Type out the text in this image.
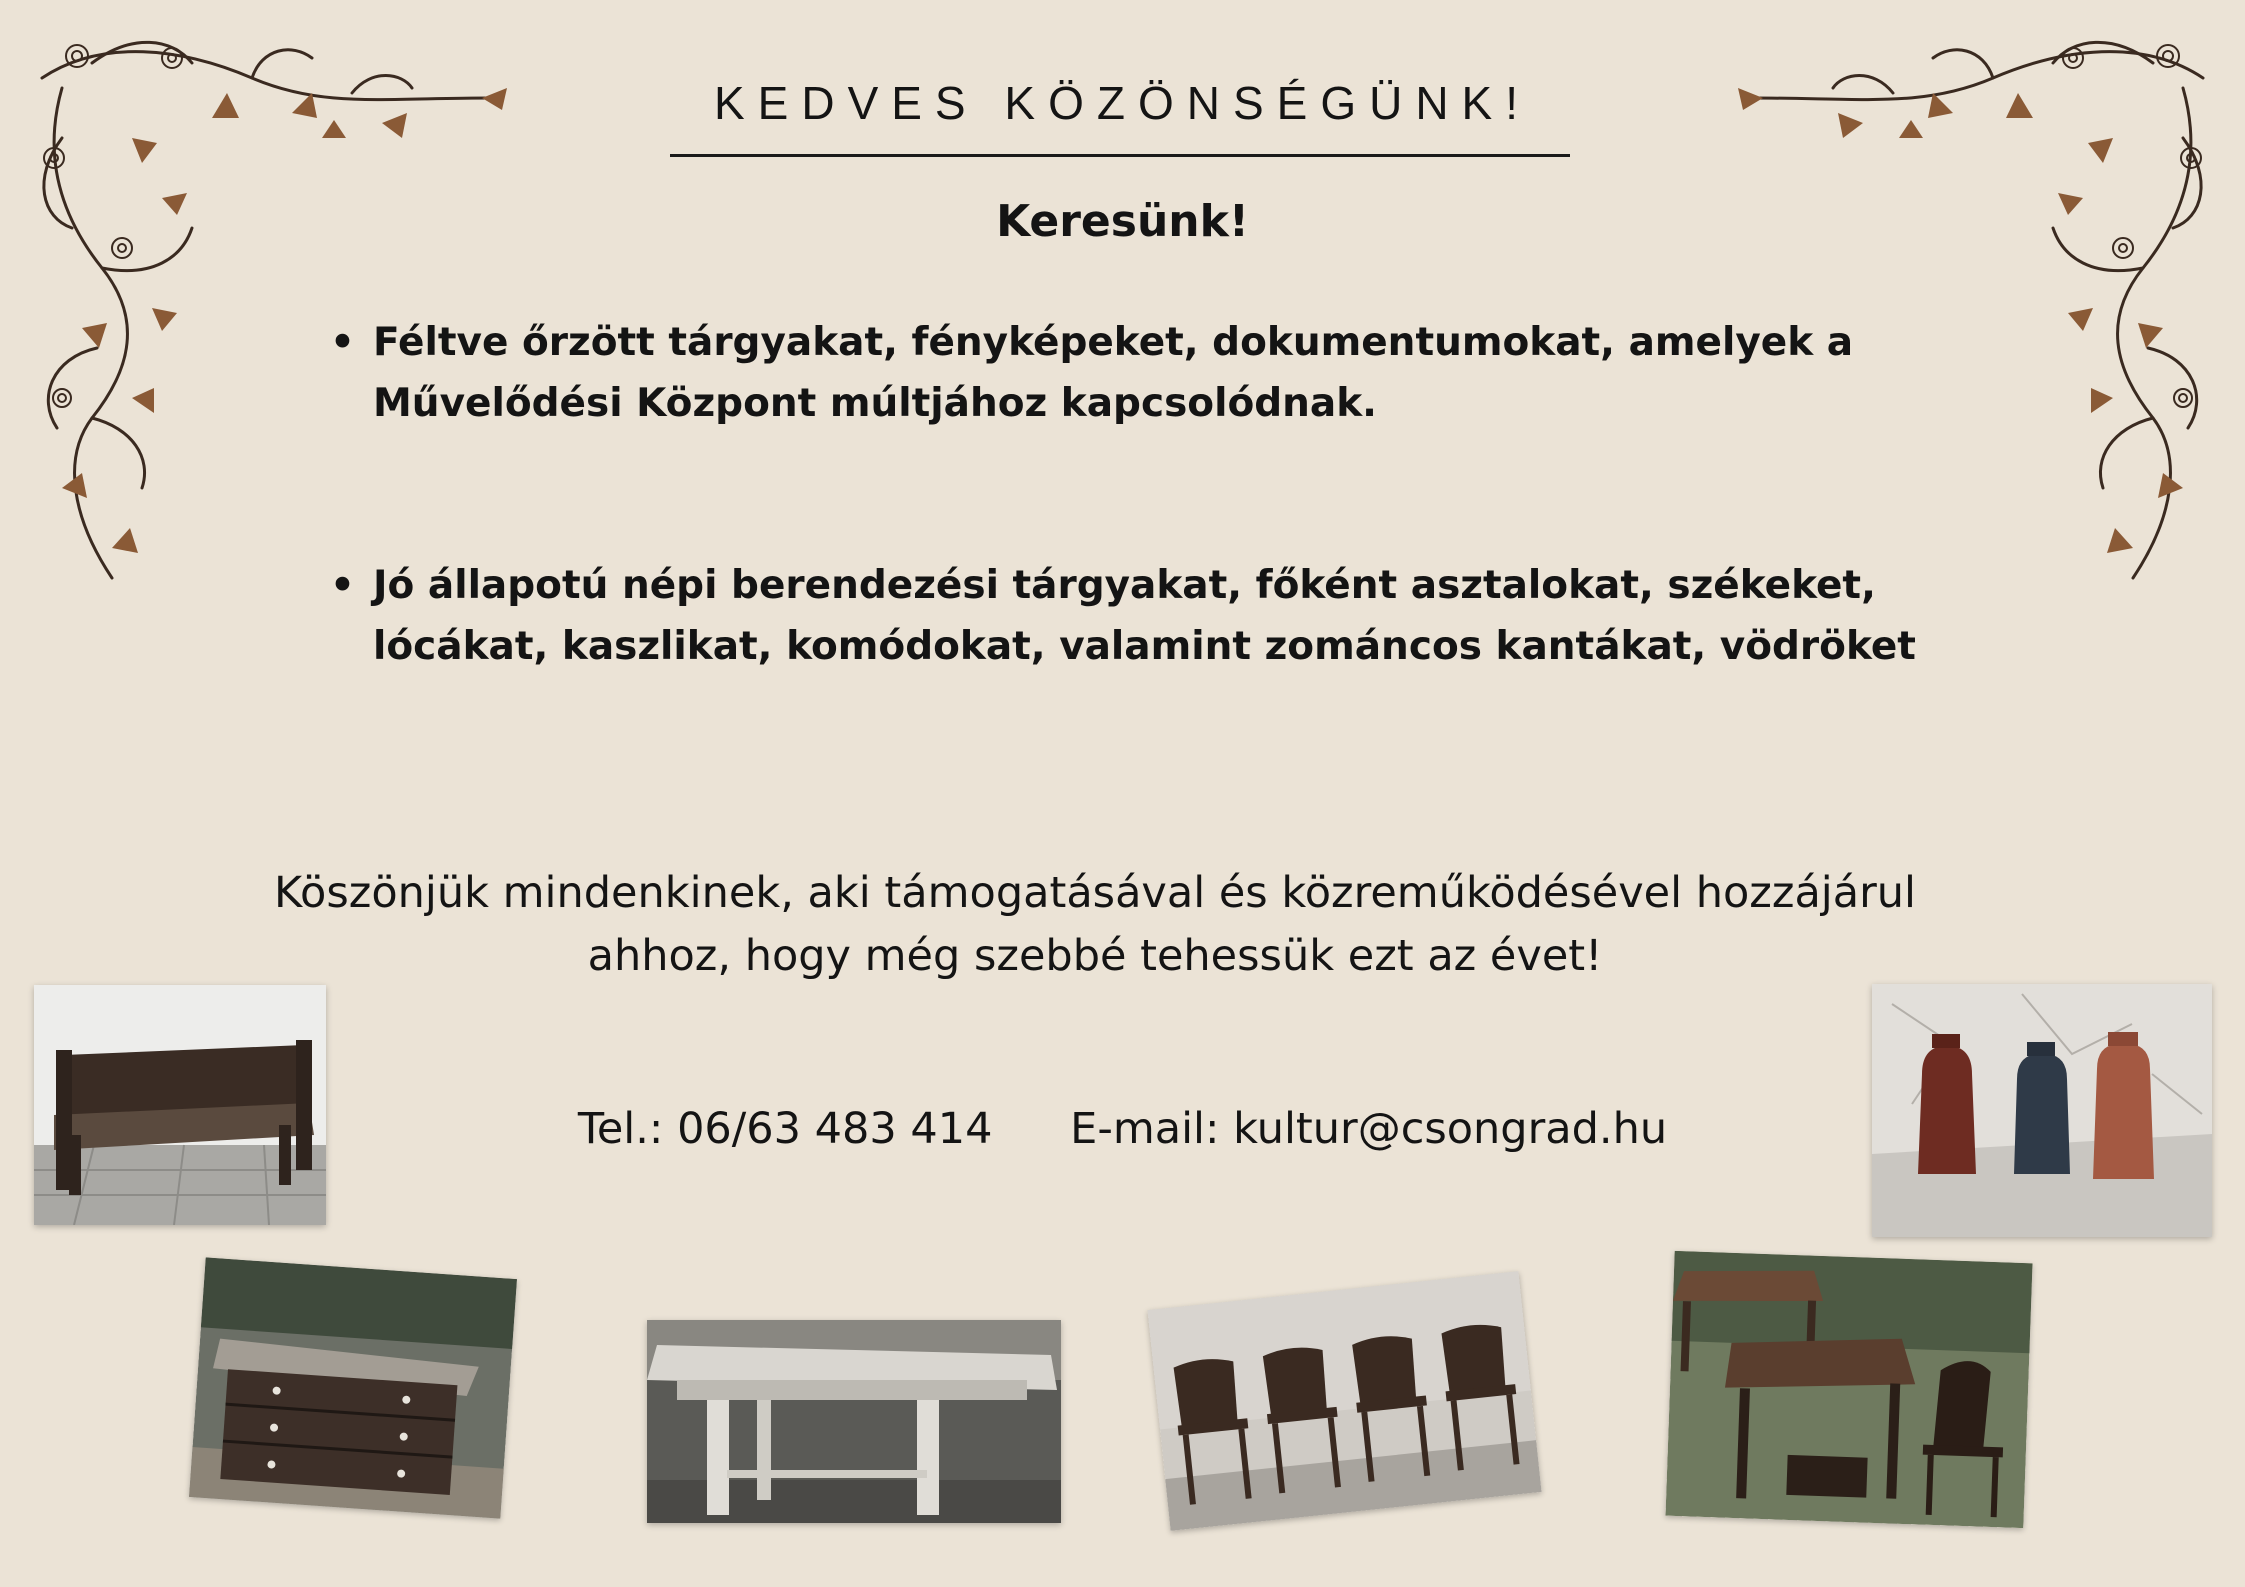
KEDVES KÖZÖNSÉGÜNK!
Keresünk!
• Féltve őrzött tárgyakat, fényképeket, dokumentumokat, amelyek a Művelődési Központ múltjához kapcsolódnak.
• Jó állapotú népi berendezési tárgyakat, főként asztalokat, székeket, lócákat, kaszlikat, komódokat, valamint zománcos kantákat, vödröket
Köszönjük mindenkinek, aki támogatásával és közreműködésével hozzájárul
ahhoz, hogy még szebbé tehessük ezt az évet!
Tel.: 06/63 483 414 E-mail: kultur@csongrad.hu
